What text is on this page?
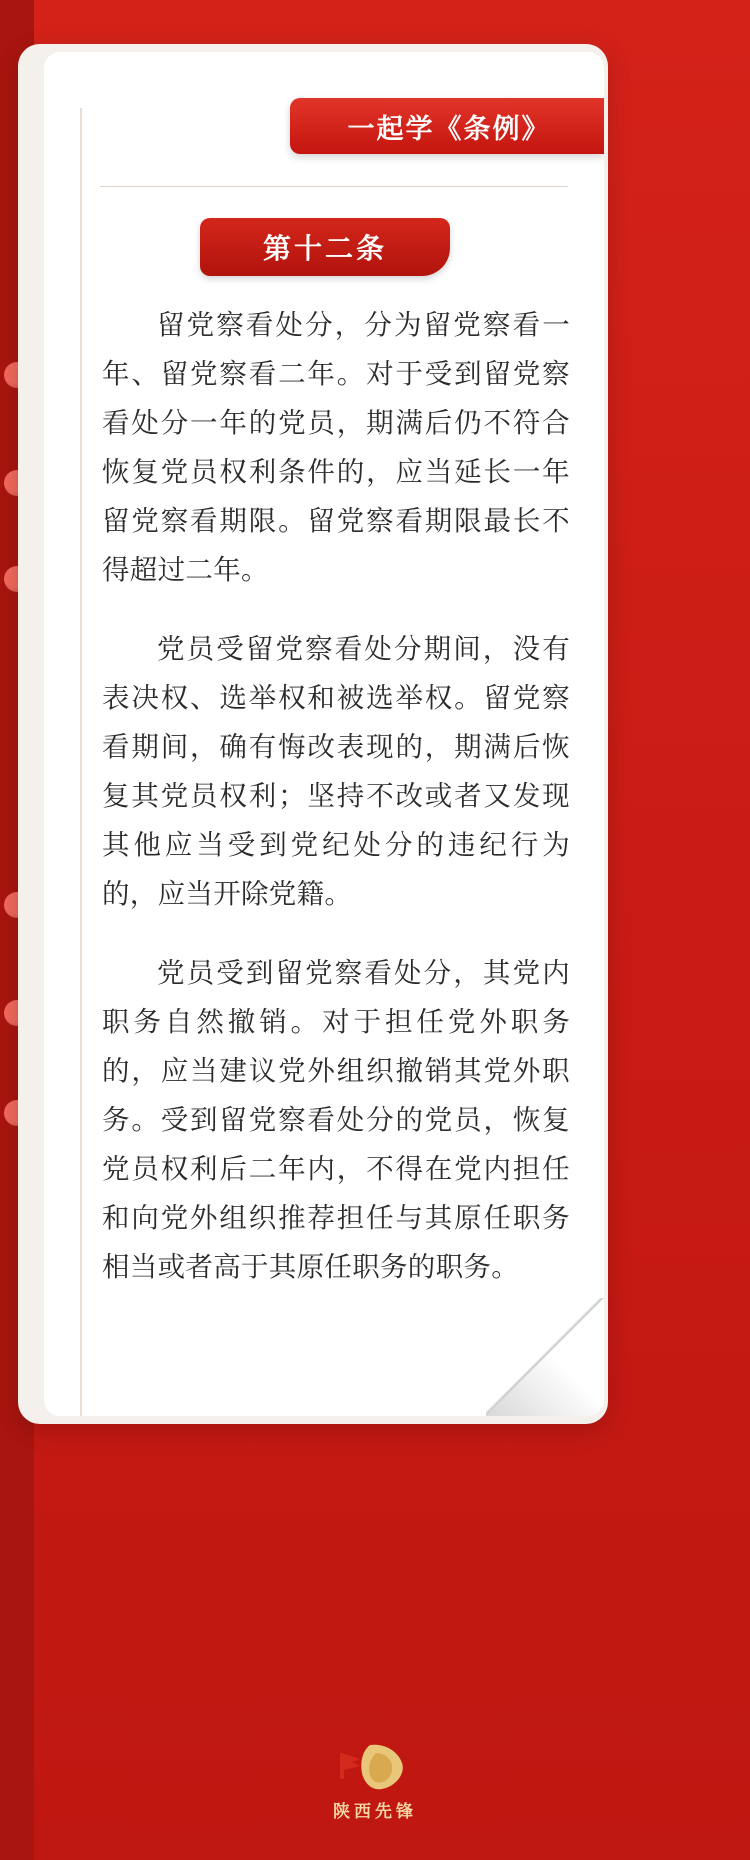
一起学《条例》
第十二条

留党察看处分，分为留党察看一年、留党察看二年。对于受到留党察看处分一年的党员，期满后仍不符合恢复党员权利条件的，应当延长一年留党察看期限。留党察看期限最长不得超过二年。

党员受留党察看处分期间，没有表决权、选举权和被选举权。留党察看期间，确有悔改表现的，期满后恢复其党员权利；坚持不改或者又发现其他应当受到党纪处分的违纪行为的，应当开除党籍。

党员受到留党察看处分，其党内职务自然撤销。对于担任党外职务的，应当建议党外组织撤销其党外职务。受到留党察看处分的党员，恢复党员权利后二年内，不得在党内担任和向党外组织推荐担任与其原任职务相当或者高于其原任职务的职务。

陕西先锋
